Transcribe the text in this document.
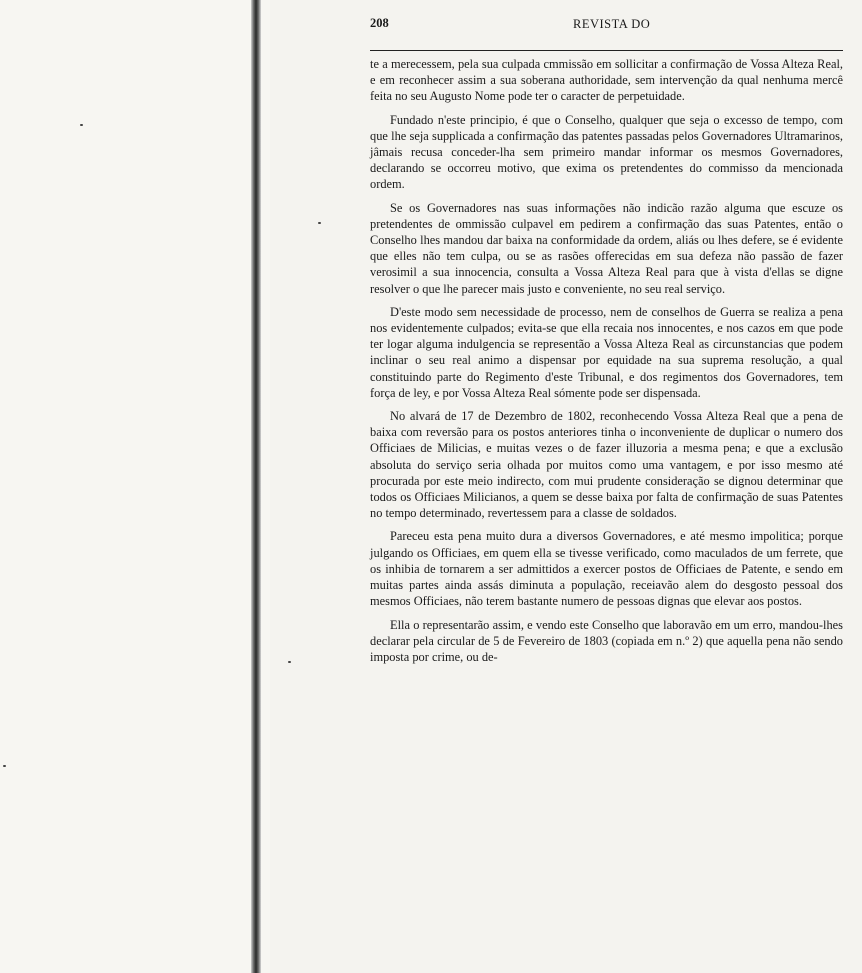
208	REVISTA DO

te a merecessem, pela sua culpada cmmissão em sollicitar a confirmação de Vossa Alteza Real, e em reconhecer assim a sua soberana authoridade, sem intervenção da qual nenhuma mercê feita no seu Augusto Nome pode ter o caracter de perpetuidade.

Fundado n'este principio, é que o Conselho, qualquer que seja o excesso de tempo, com que lhe seja supplicada a confirmação das patentes passadas pelos Governadores Ultramarinos, jâmais recusa conceder-lha sem primeiro mandar informar os mesmos Governadores, declarando se occorreu motivo, que exima os pretendentes do commisso da mencionada ordem.

Se os Governadores nas suas informações não indicão razão alguma que escuze os pretendentes de ommissão culpavel em pedirem a confirmação das suas Patentes, então o Conselho lhes mandou dar baixa na conformidade da ordem, aliás ou lhes defere, se é evidente que elles não tem culpa, ou se as rasões offerecidas em sua defeza não passão de fazer verosimil a sua innocencia, consulta a Vossa Alteza Real para que à vista d'ellas se digne resolver o que lhe parecer mais justo e conveniente, no seu real serviço.

D'este modo sem necessidade de processo, nem de conselhos de Guerra se realiza a pena nos evidentemente culpados; evita-se que ella recaia nos innocentes, e nos cazos em que pode ter logar alguma indulgencia se representão a Vossa Alteza Real as circunstancias que podem inclinar o seu real animo a dispensar por equidade na sua suprema resolução, a qual constituindo parte do Regimento d'este Tribunal, e dos regimentos dos Governadores, tem força de ley, e por Vossa Alteza Real sómente pode ser dispensada.

No alvará de 17 de Dezembro de 1802, reconhecendo Vossa Alteza Real que a pena de baixa com reversão para os postos anteriores tinha o inconveniente de duplicar o numero dos Officiaes de Milicias, e muitas vezes o de fazer illuzoria a mesma pena; e que a exclusão absoluta do serviço seria olhada por muitos como uma vantagem, e por isso mesmo até procurada por este meio indirecto, com mui prudente consideração se dignou determinar que todos os Officiaes Milicianos, a quem se desse baixa por falta de confirmação de suas Patentes no tempo determinado, revertessem para a classe de soldados.

Pareceu esta pena muito dura a diversos Governadores, e até mesmo impolitica; porque julgando os Officiaes, em quem ella se tivesse verificado, como maculados de um ferrete, que os inhibia de tornarem a ser admittidos a exercer postos de Officiaes de Patente, e sendo em muitas partes ainda assás diminuta a população, receiavão alem do desgosto pessoal dos mesmos Officiaes, não terem bastante numero de pessoas dignas que elevar aos postos.

Ella o representarão assim, e vendo este Conselho que laboravão em um erro, mandou-lhes declarar pela circular de 5 de Fevereiro de 1803 (copiada em n.º 2) que aquella pena não sendo imposta por crime, ou de-
